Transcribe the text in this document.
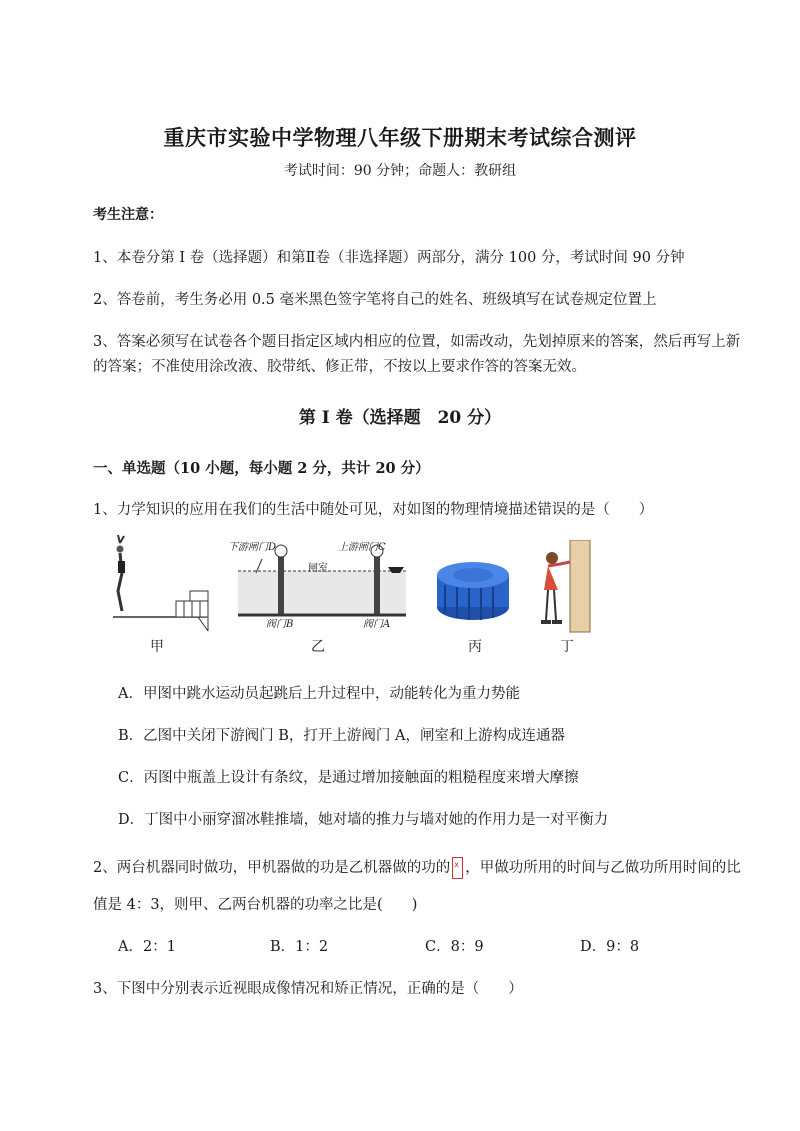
重庆市实验中学物理八年级下册期末考试综合测评
考试时间：90 分钟；命题人：教研组
考生注意：
1、本卷分第 I 卷（选择题）和第Ⅱ卷（非选择题）两部分，满分 100 分，考试时间 90 分钟
2、答卷前，考生务必用 0.5 毫米黑色签字笔将自己的姓名、班级填写在试卷规定位置上
3、答案必须写在试卷各个题目指定区域内相应的位置，如需改动，先划掉原来的答案，然后再写上新
的答案；不准使用涂改液、胶带纸、修正带，不按以上要求作答的答案无效。
第 I 卷（选择题　20 分）
一、单选题（10 小题，每小题 2 分，共计 20 分）
1、力学知识的应用在我们的生活中随处可见，对如图的物理情境描述错误的是（　　）
甲
下游闸门D	上游闸门C
闸室
阀门B	阀门A
乙	丙	丁
A．甲图中跳水运动员起跳后上升过程中，动能转化为重力势能
B．乙图中关闭下游阀门 B，打开上游阀门 A，闸室和上游构成连通器
C．丙图中瓶盖上设计有条纹，是通过增加接触面的粗糙程度来增大摩擦
D．丁图中小丽穿溜冰鞋推墙，她对墙的推力与墙对她的作用力是一对平衡力
2、两台机器同时做功，甲机器做的功是乙机器做的功的 x ，甲做功所用的时间与乙做功所用时间的比
值是 4：3，则甲、乙两台机器的功率之比是(　　)
A．2：1	B．1：2	C．8：9	D．9：8
3、下图中分别表示近视眼成像情况和矫正情况，正确的是（　　）
